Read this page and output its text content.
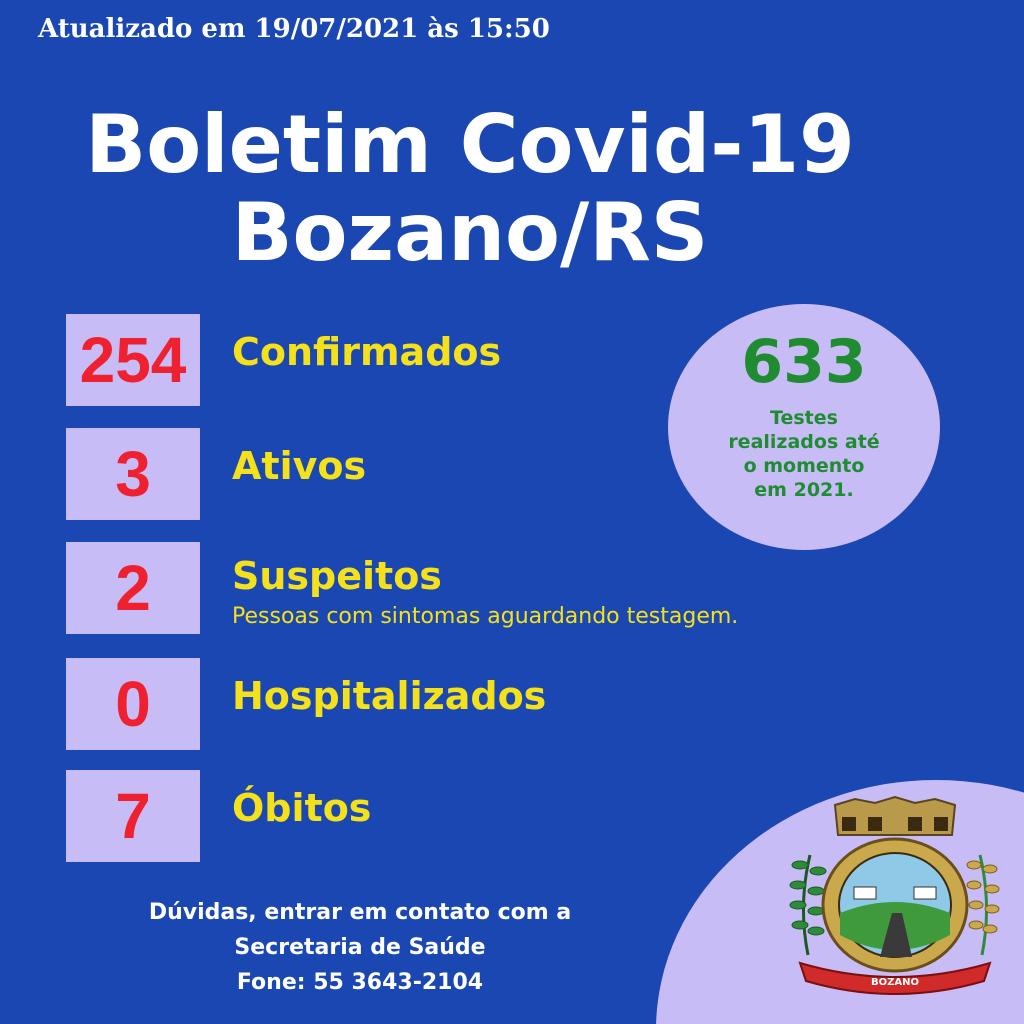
Atualizado em 19/07/2021 às 15:50
Boletim Covid-19
Bozano/RS
254 Confirmados
3 Ativos
2 Suspeitos
Pessoas com sintomas aguardando testagem.
0 Hospitalizados
7 Óbitos
633
Testes
realizados até
o momento
em 2021.
Dúvidas, entrar em contato com a
Secretaria de Saúde
Fone: 55 3643-2104	BOZANO
